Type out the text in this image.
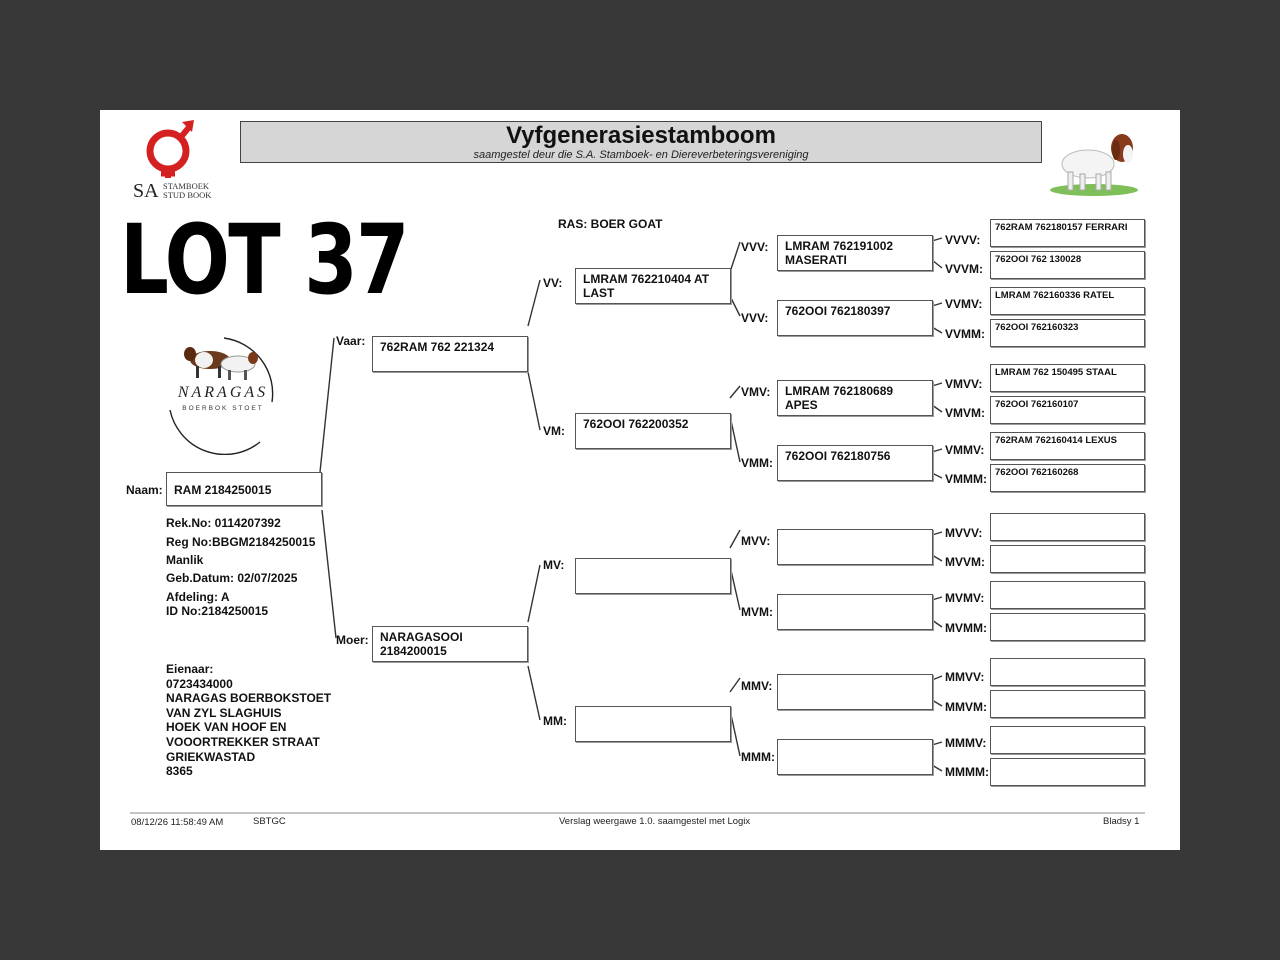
SA STAMBOEK
STUD BOOK
Vyfgenerasiestamboom
saamgestel deur die S.A. Stamboek- en Diereverbeteringsvereniging
LOT 37
NARAGAS
BOERBOK STOET
RAS: BOER GOAT
Naam: RAM 2184250015
Rek.No: 0114207392
Reg No:BBGM2184250015
Manlik
Geb.Datum: 02/07/2025
Afdeling: A
ID No:2184250015
Eienaar:
0723434000
NARAGAS BOERBOKSTOET
VAN ZYL SLAGHUIS
HOEK VAN HOOF EN
VOOORTREKKER STRAAT
GRIEKWASTAD
8365
Vaar:	762RAM 762 221324
Moer: NARAGASOOI
2184200015
VV:	LMRAM 762210404 AT
LAST
VM:	762OOI 762200352
MV:
MM:
VVV:	LMRAM 762191002
MASERATI
VVV:	762OOI 762180397
VMV:	LMRAM 762180689
APES
VMM:	762OOI 762180756
MVV:
MVM:
MMV:
MMM:
VVVV:
762RAM 762180157 FERRARI
VVVM:
762OOI 762 130028
VVMV:
LMRAM 762160336 RATEL
VVMM:	762OOI 762160323
VMVV:
LMRAM 762 150495 STAAL
VMVM:
762OOI 762160107
VMMV:
762RAM 762160414 LEXUS
VMMM: 762OOI 762160268
MVVV:
MVVM:
MVMV:
MVMM:
MMVV:
MMVM:
MMMV:
MMMM:
08/12/26 11:58:49 AM	SBTGC	Verslag weergawe 1.0. saamgestel met Logix	Bladsy 1
